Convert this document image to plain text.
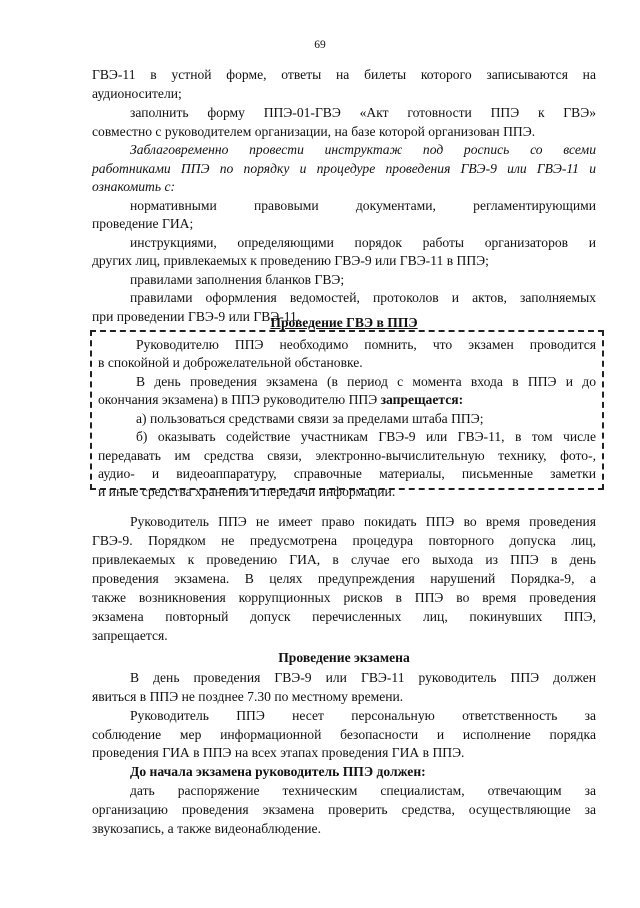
69

ГВЭ-11 в устной форме, ответы на билеты которого записываются на

аудионосители;

заполнить форму ППЭ-01-ГВЭ «Акт готовности ППЭ к ГВЭ»

совместно с руководителем организации, на базе которой организован ППЭ.

Заблаговременно провести инструктаж под роспись со всеми

работниками ППЭ по порядку и процедуре проведения ГВЭ-9 или ГВЭ-11 и

ознакомить с:

нормативными правовыми документами, регламентирующими

проведение ГИА;

инструкциями, определяющими порядок работы организаторов и

других лиц, привлекаемых к проведению ГВЭ-9 или ГВЭ-11 в ППЭ;

правилами заполнения бланков ГВЭ;

правилами оформления ведомостей, протоколов и актов, заполняемых

при проведении ГВЭ-9 или ГВЭ-11.

Проведение ГВЭ в ППЭ

Руководителю ППЭ необходимо помнить, что экзамен проводится

в спокойной и доброжелательной обстановке.

В день проведения экзамена (в период с момента входа в ППЭ и до

окончания экзамена) в ППЭ руководителю ППЭ запрещается:

а) пользоваться средствами связи за пределами штаба ППЭ;

б) оказывать содействие участникам ГВЭ-9 или ГВЭ-11, в том числе

передавать им средства связи, электронно-вычислительную технику, фото-,

аудио- и видеоаппаратуру, справочные материалы, письменные заметки

и иные средства хранения и передачи информации.

Руководитель ППЭ не имеет право покидать ППЭ во время проведения

ГВЭ-9. Порядком не предусмотрена процедура повторного допуска лиц,

привлекаемых к проведению ГИА, в случае его выхода из ППЭ в день

проведения экзамена. В целях предупреждения нарушений Порядка-9, а

также возникновения коррупционных рисков в ППЭ во время проведения

экзамена повторный допуск перечисленных лиц, покинувших ППЭ,

запрещается.

Проведение экзамена

В день проведения ГВЭ-9 или ГВЭ-11 руководитель ППЭ должен

явиться в ППЭ не позднее 7.30 по местному времени.

Руководитель ППЭ несет персональную ответственность за

соблюдение мер информационной безопасности и исполнение порядка

проведения ГИА в ППЭ на всех этапах проведения ГИА в ППЭ.

До начала экзамена руководитель ППЭ должен:

дать распоряжение техническим специалистам, отвечающим за

организацию проведения экзамена проверить средства, осуществляющие за

звукозапись, а также видеонаблюдение.
